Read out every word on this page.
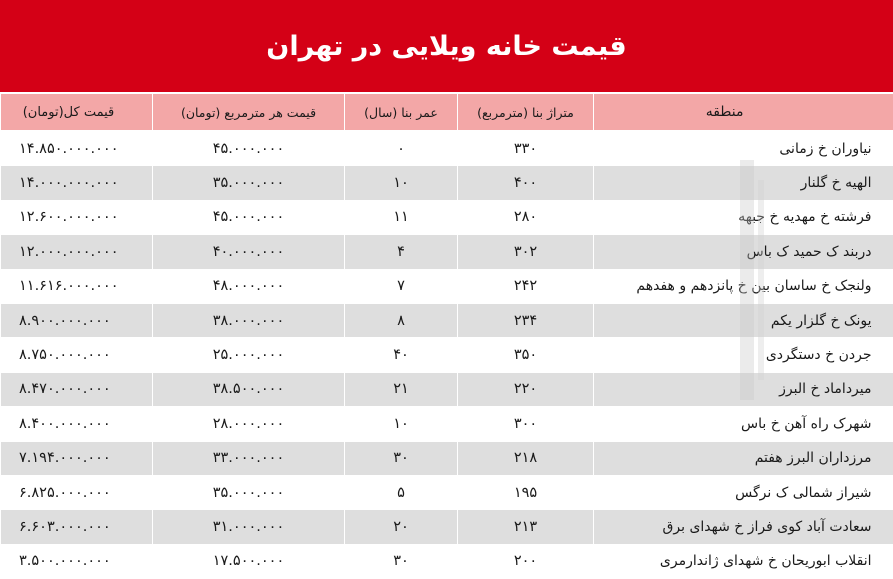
قیمت خانه ویلایی در تهران
منطقه	متراژ بنا (مترمربع)	عمر بنا (سال)	قیمت هر مترمربع (تومان)	قیمت کل(تومان)
نیاوران خ زمانی	۳۳۰	۰	۴۵.۰۰۰.۰۰۰	۱۴.۸۵۰.۰۰۰.۰۰۰
الهیه خ گلنار	۴۰۰	۱۰	۳۵.۰۰۰.۰۰۰	۱۴.۰۰۰.۰۰۰.۰۰۰
فرشته خ مهدیه خ جبهه	۲۸۰	۱۱	۴۵.۰۰۰.۰۰۰	۱۲.۶۰۰.۰۰۰.۰۰۰
دربند ک حمید ک باس	۳۰۲	۴	۴۰.۰۰۰.۰۰۰	۱۲.۰۰۰.۰۰۰.۰۰۰
ولنجک خ ساسان بین خ پانزدهم و هفدهم	۲۴۲	۷	۴۸.۰۰۰.۰۰۰	۱۱.۶۱۶.۰۰۰.۰۰۰
یونک خ گلزار یکم	۲۳۴	۸	۳۸.۰۰۰.۰۰۰	۸.۹۰۰.۰۰۰.۰۰۰
جردن خ دستگردی	۳۵۰	۴۰	۲۵.۰۰۰.۰۰۰	۸.۷۵۰.۰۰۰.۰۰۰
میرداماد خ البرز	۲۲۰	۲۱	۳۸.۵۰۰.۰۰۰	۸.۴۷۰.۰۰۰.۰۰۰
شهرک راه آهن خ باس	۳۰۰	۱۰	۲۸.۰۰۰.۰۰۰	۸.۴۰۰.۰۰۰.۰۰۰
مرزداران البرز هفتم	۲۱۸	۳۰	۳۳.۰۰۰.۰۰۰	۷.۱۹۴.۰۰۰.۰۰۰
شیراز شمالی ک نرگس	۱۹۵	۵	۳۵.۰۰۰.۰۰۰	۶.۸۲۵.۰۰۰.۰۰۰
سعادت آباد کوی فراز خ شهدای برق	۲۱۳	۲۰	۳۱.۰۰۰.۰۰۰	۶.۶۰۳.۰۰۰.۰۰۰
انقلاب ابوریحان خ شهدای ژاندارمری	۲۰۰	۳۰	۱۷.۵۰۰.۰۰۰	۳.۵۰۰.۰۰۰.۰۰۰
